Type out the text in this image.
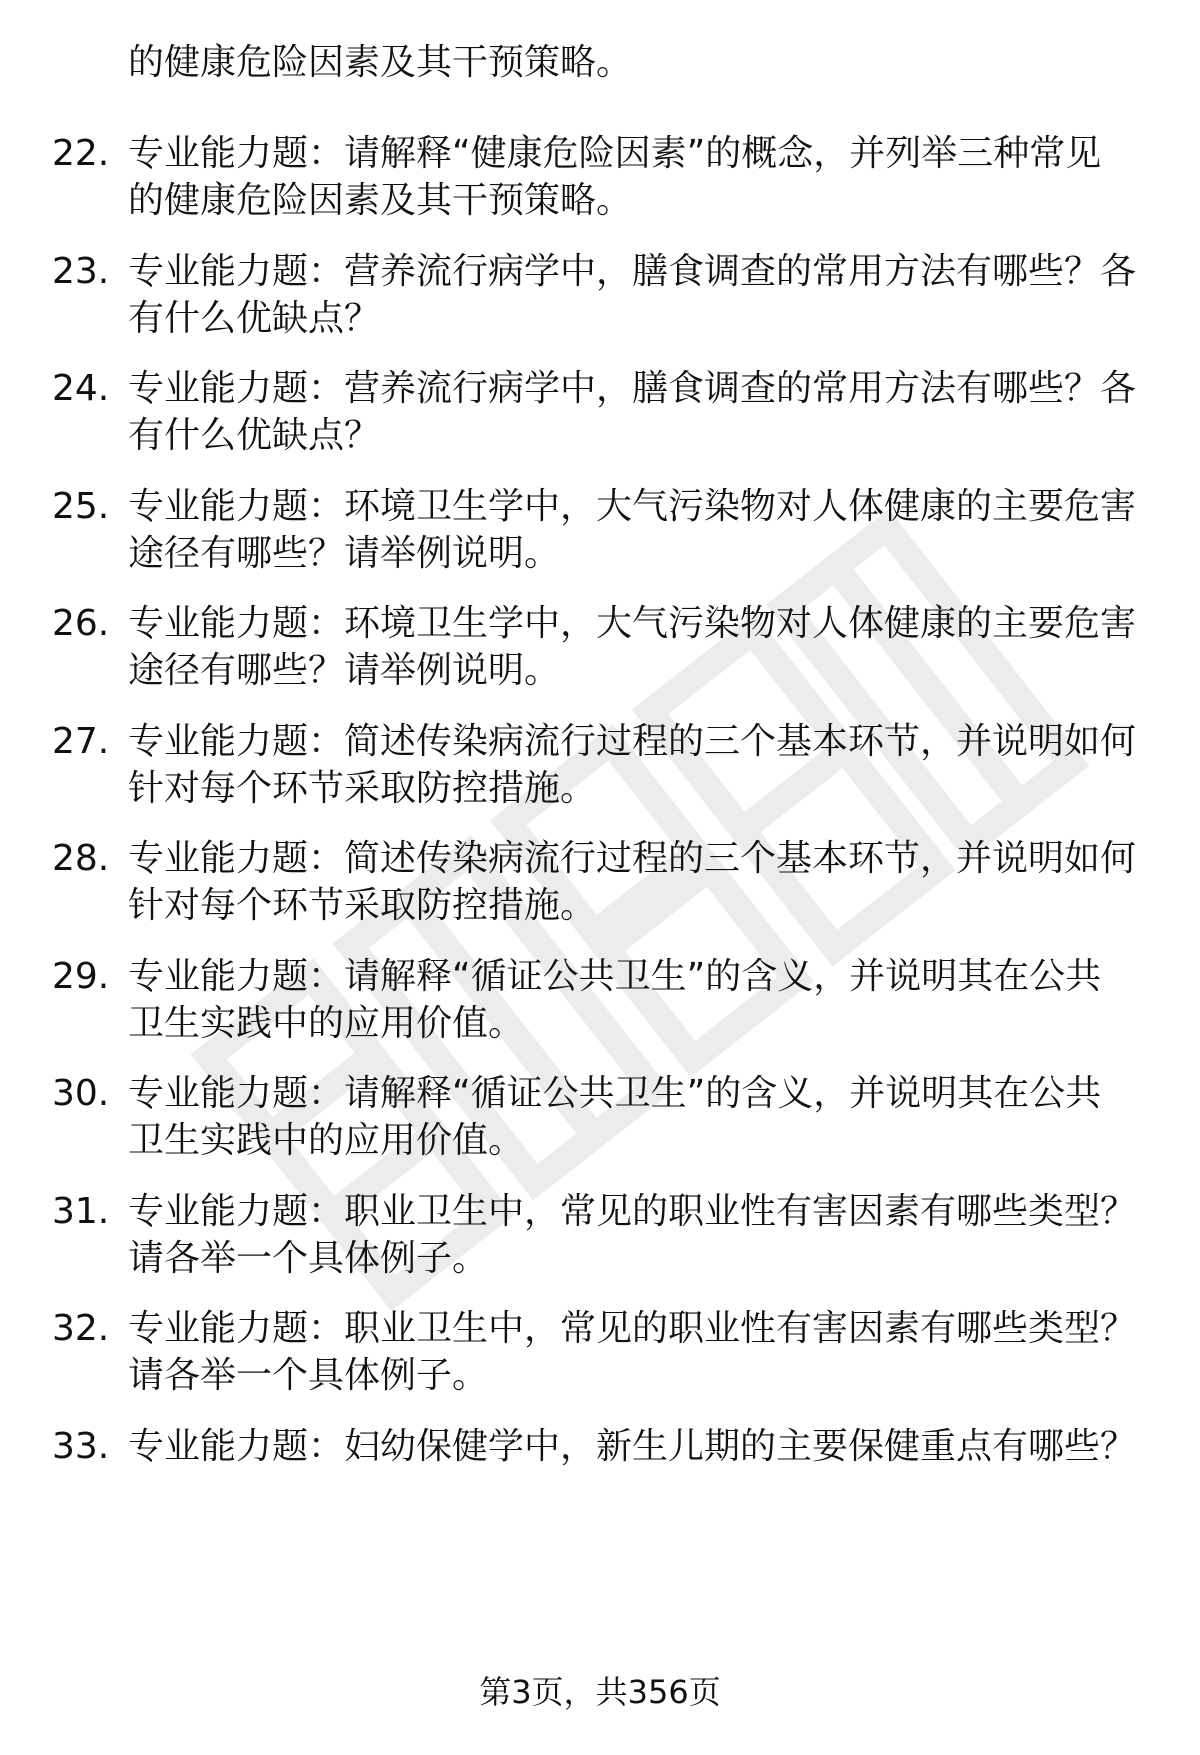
的健康危险因素及其干预策略。
22. 专业能力题：请解释“健康危险因素”的概念，并列举三种常见
的健康危险因素及其干预策略。
23. 专业能力题：营养流行病学中，膳食调查的常用方法有哪些？各
有什么优缺点？
24. 专业能力题：营养流行病学中，膳食调查的常用方法有哪些？各
有什么优缺点？
25. 专业能力题：环境卫生学中，大气污染物对人体健康的主要危害
途径有哪些？请举例说明。
26. 专业能力题：环境卫生学中，大气污染物对人体健康的主要危害
途径有哪些？请举例说明。
27. 专业能力题：简述传染病流行过程的三个基本环节，并说明如何
针对每个环节采取防控措施。
28. 专业能力题：简述传染病流行过程的三个基本环节，并说明如何
针对每个环节采取防控措施。
29. 专业能力题：请解释“循证公共卫生”的含义，并说明其在公共
卫生实践中的应用价值。
30. 专业能力题：请解释“循证公共卫生”的含义，并说明其在公共
卫生实践中的应用价值。
31. 专业能力题：职业卫生中，常见的职业性有害因素有哪些类型？
请各举一个具体例子。
32. 专业能力题：职业卫生中，常见的职业性有害因素有哪些类型？
请各举一个具体例子。
33. 专业能力题：妇幼保健学中，新生儿期的主要保健重点有哪些？
第3页，共356页
